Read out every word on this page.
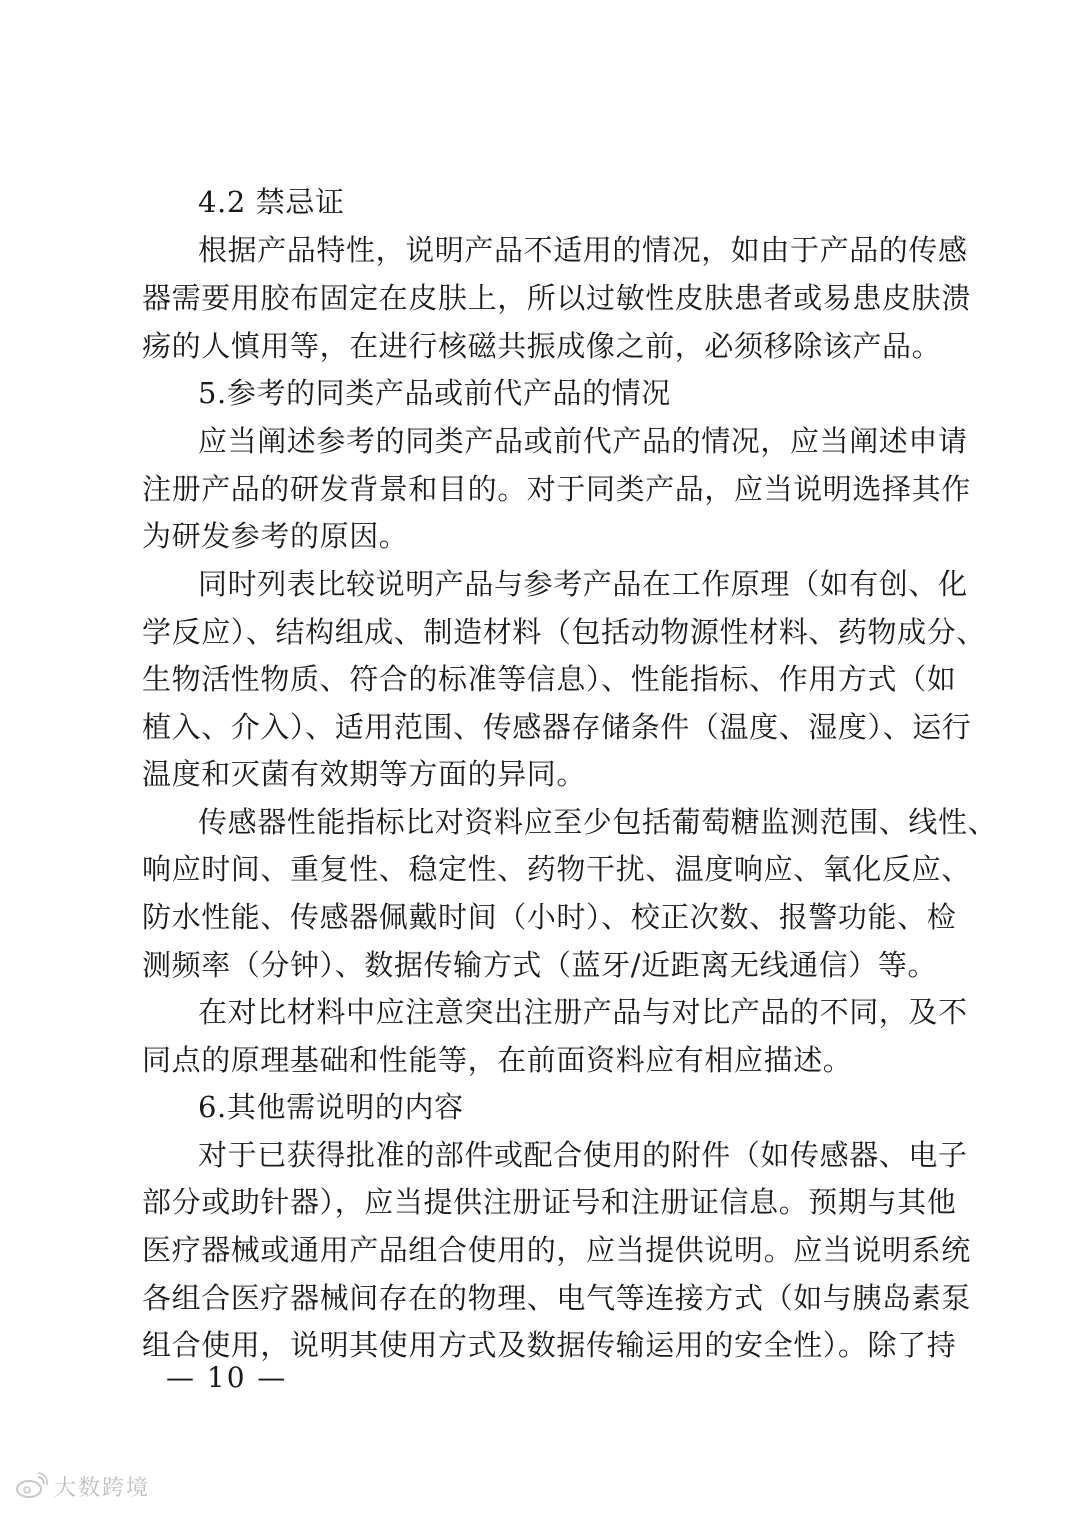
4.2 禁忌证
根据产品特性，说明产品不适用的情况，如由于产品的传感
器需要用胶布固定在皮肤上，所以过敏性皮肤患者或易患皮肤溃
疡的人慎用等，在进行核磁共振成像之前，必须移除该产品。
5.参考的同类产品或前代产品的情况
应当阐述参考的同类产品或前代产品的情况，应当阐述申请
注册产品的研发背景和目的。对于同类产品，应当说明选择其作
为研发参考的原因。
同时列表比较说明产品与参考产品在工作原理（如有创、化
学反应）、结构组成、制造材料（包括动物源性材料、药物成分、
生物活性物质、符合的标准等信息）、性能指标、作用方式（如
植入、介入）、适用范围、传感器存储条件（温度、湿度）、运行
温度和灭菌有效期等方面的异同。
传感器性能指标比对资料应至少包括葡萄糖监测范围、线性、
响应时间、重复性、稳定性、药物干扰、温度响应、氧化反应、
防水性能、传感器佩戴时间（小时）、校正次数、报警功能、检
测频率（分钟）、数据传输方式（蓝牙/近距离无线通信）等。
在对比材料中应注意突出注册产品与对比产品的不同，及不
同点的原理基础和性能等，在前面资料应有相应描述。
6.其他需说明的内容
对于已获得批准的部件或配合使用的附件（如传感器、电子
部分或助针器），应当提供注册证号和注册证信息。预期与其他
医疗器械或通用产品组合使用的，应当提供说明。应当说明系统
各组合医疗器械间存在的物理、电气等连接方式（如与胰岛素泵
组合使用，说明其使用方式及数据传输运用的安全性）。除了持
— 10 —
大数跨境
